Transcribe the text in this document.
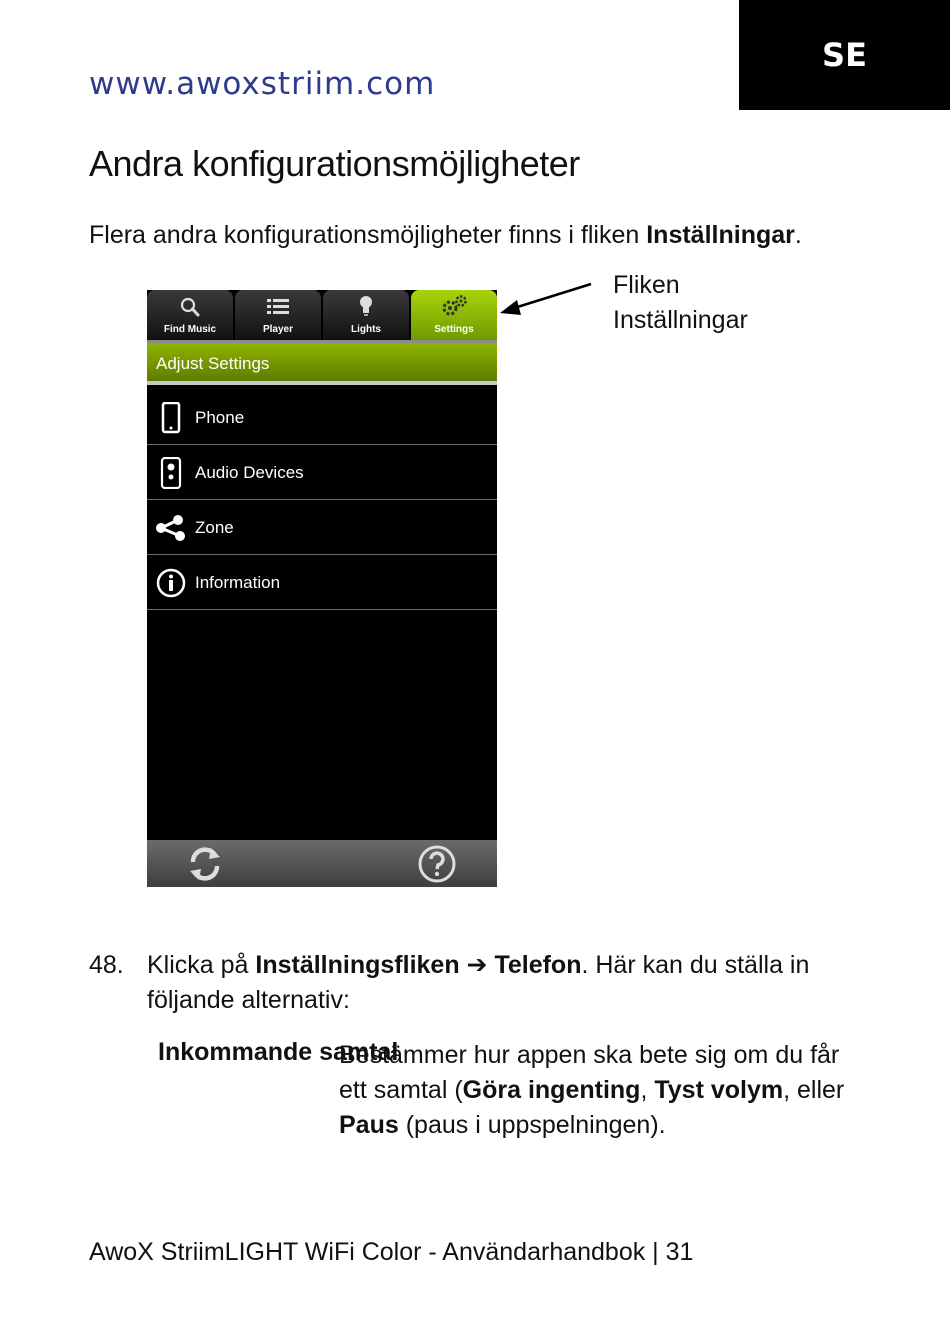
SE
www.awoxstriim.com
Andra konfigurationsmöjligheter
Flera andra konfigurationsmöjligheter finns i fliken Inställningar.
Find Music	Player	Lights	Settings
Adjust Settings
Phone
Audio Devices
Zone
Information
Fliken
Inställningar
48. Klicka på Inställningsfliken ➔ Telefon. Här kan du ställa in följande alternativ:
Inkommande samtal
Bestämmer hur appen ska bete sig om du får ett samtal (Göra ingenting, Tyst volym, eller Paus (paus i uppspelningen).
AwoX StriimLIGHT WiFi Color - Användarhandbok | 31
